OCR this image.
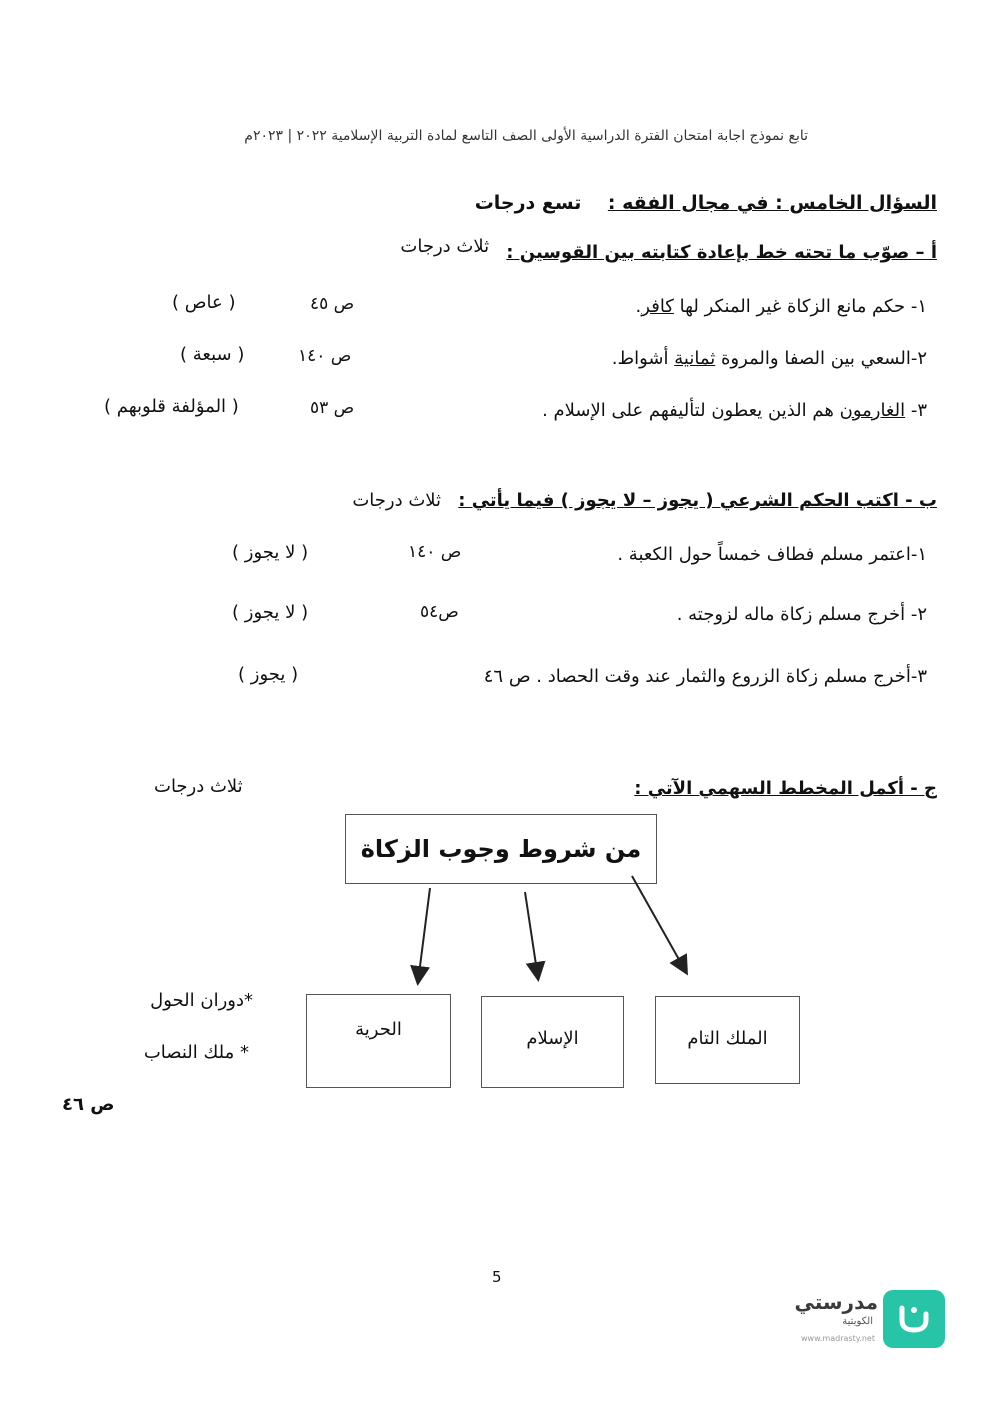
تابع نموذج اجابة امتحان الفترة الدراسية الأولى الصف التاسع لمادة التربية الإسلامية ٢٠٢٢ | ٢٠٢٣م
السؤال الخامس : في مجال الفقه :    تسع درجات
أ – صوّب ما تحته خط بإعادة كتابته بين القوسين :   ثلاث درجات
١- حكم مانع الزكاة غير المنكر لها كافر.
ص ٤٥
( عاص )
٢-السعي بين الصفا والمروة ثمانية أشواط.
ص ١٤٠
( سبعة )
٣- الغارمون هم الذين يعطون لتأليفهم على الإسلام .
ص ٥٣
( المؤلفة قلوبهم )
ب - اكتب الحكم الشرعي ( يجوز – لا يجوز ) فيما يأتي :   ثلاث درجات
١-اعتمر مسلم فطاف خمساً حول الكعبة .
ص ١٤٠
( لا يجوز )
٢- أخرج مسلم زكاة ماله لزوجته .
ص٥٤
( لا يجوز )
٣-أخرج مسلم زكاة الزروع والثمار عند وقت الحصاد . ص ٤٦
( يجوز )
ج - أكمل المخطط السهمي الآتي :
ثلاث درجات
من شروط وجوب الزكاة
الحرية	الإسلام	الملك التام
*دوران الحول
* ملك النصاب
ص ٤٦
5
مدرستي
الكويتية
www.madrasty.net
